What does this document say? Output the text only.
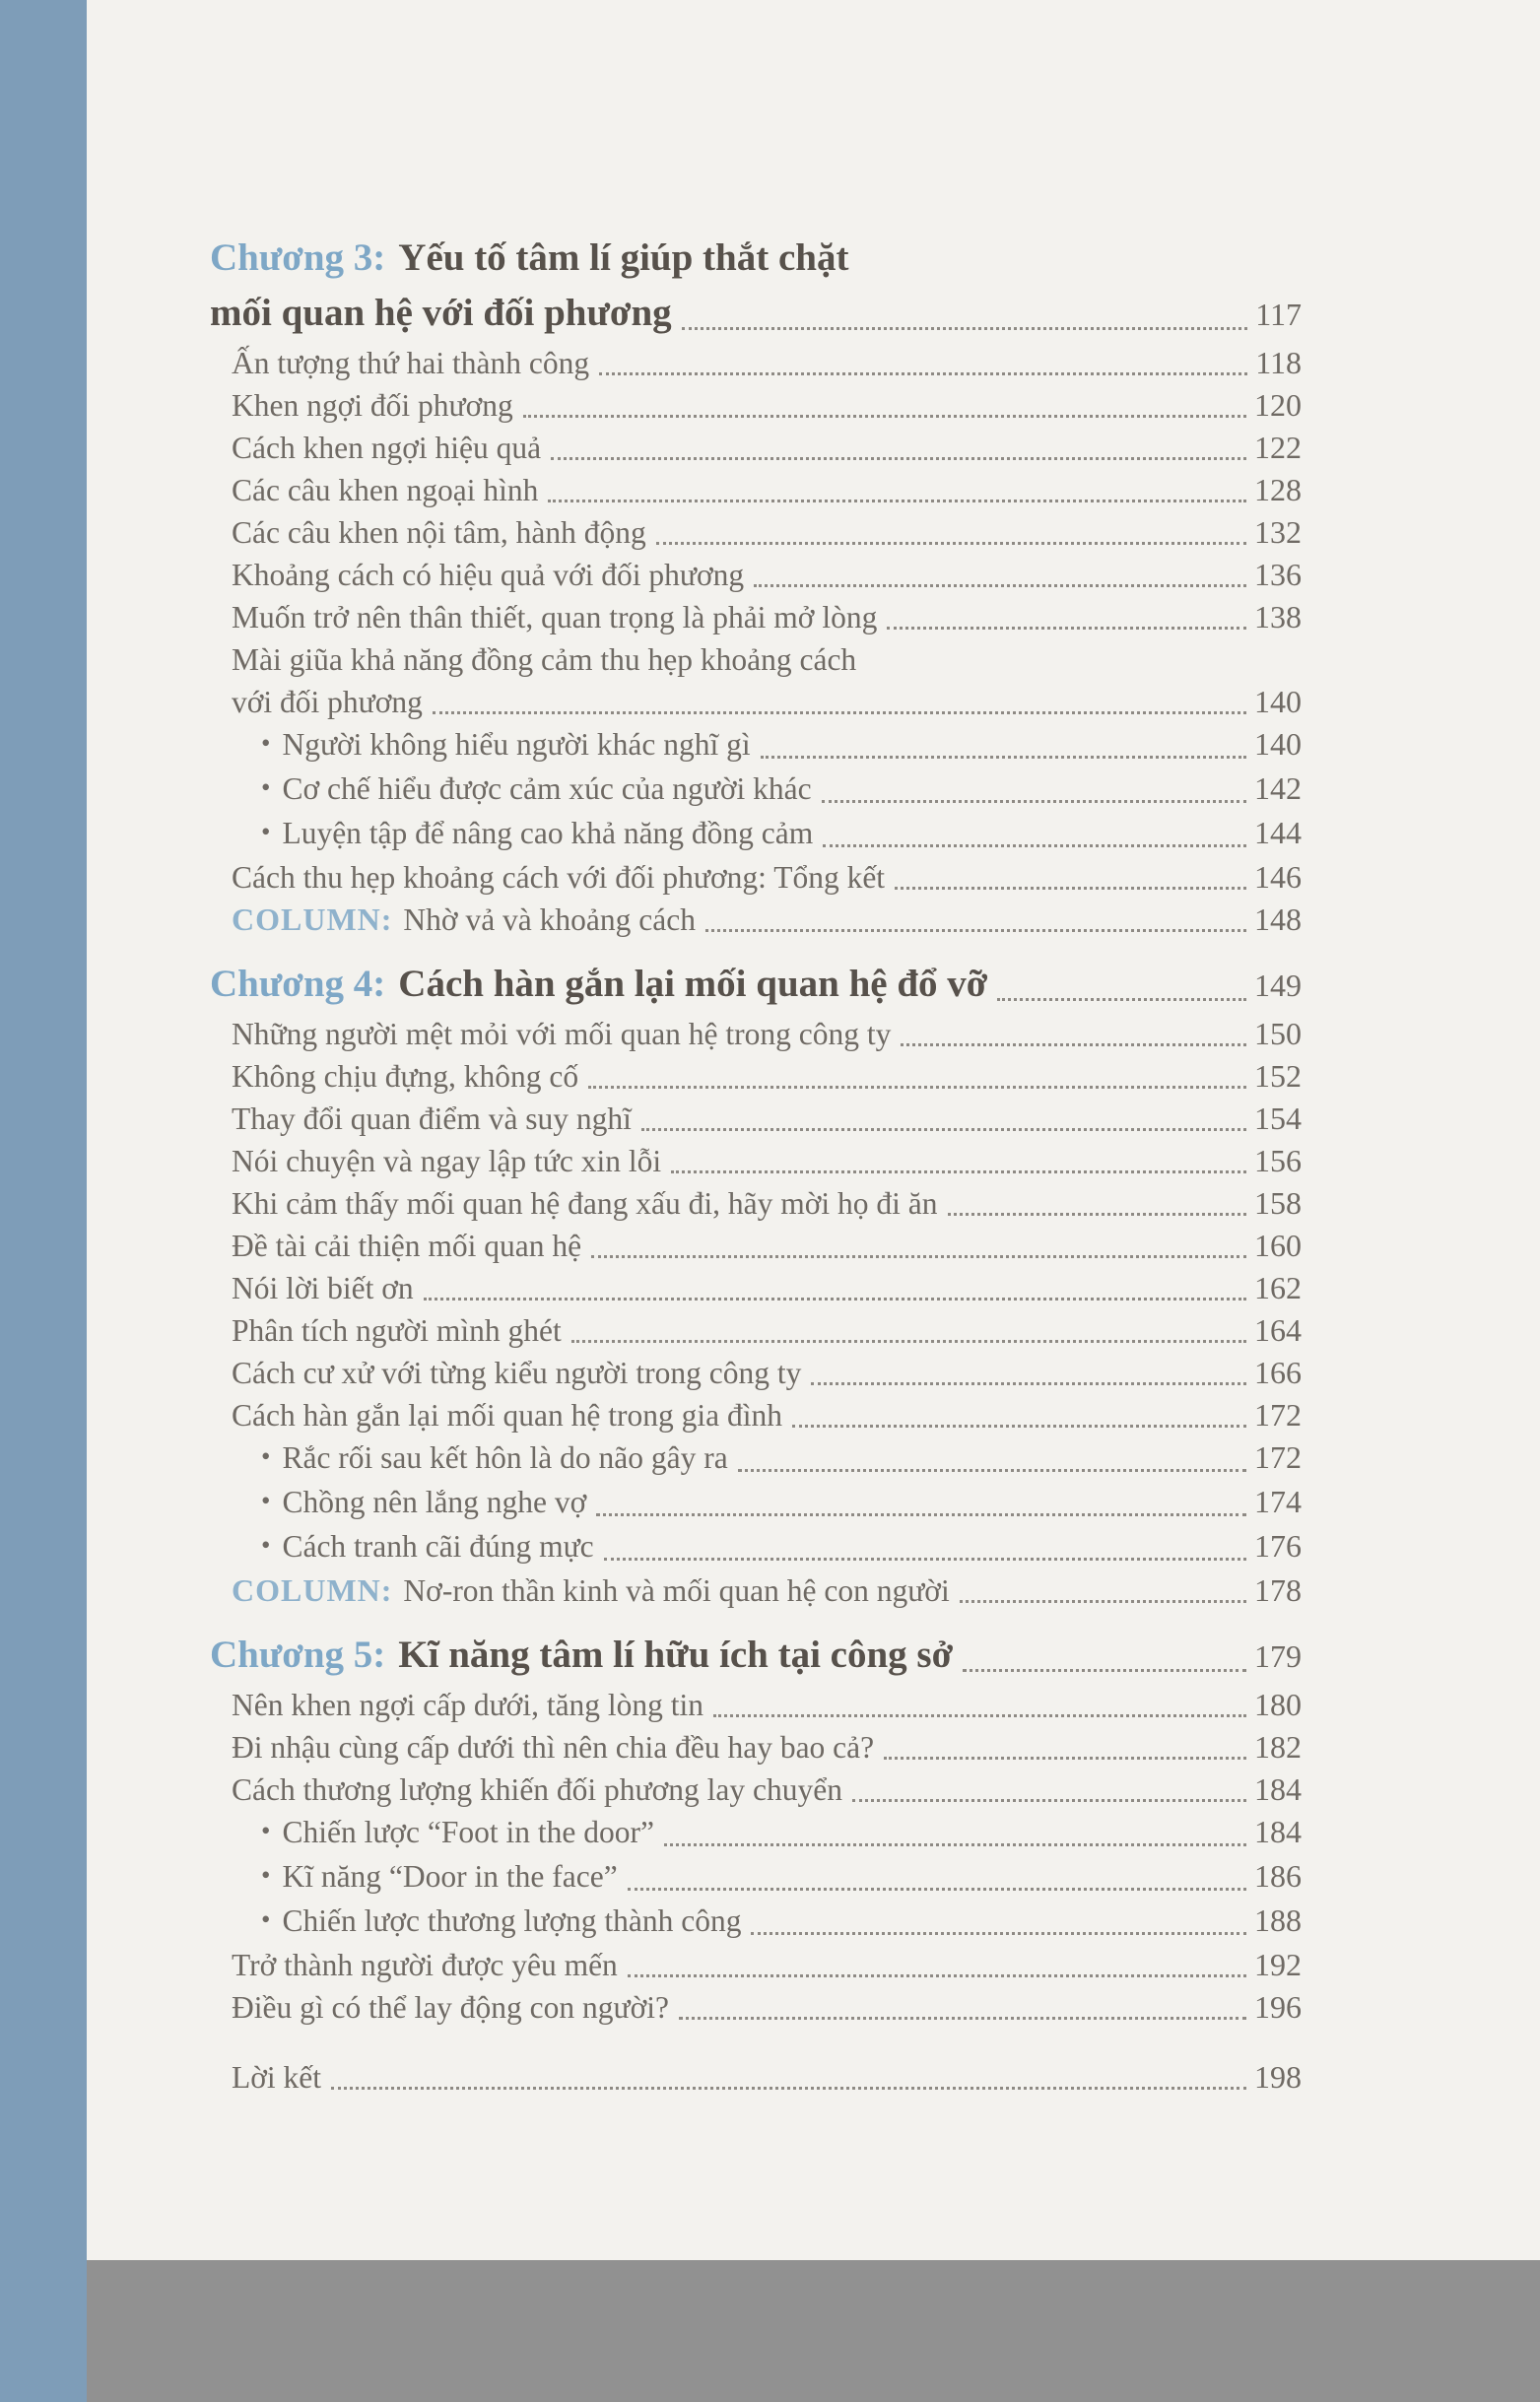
Chương 3: Yếu tố tâm lí giúp thắt chặt
mối quan hệ với đối phương	117
Ấn tượng thứ hai thành công	118
Khen ngợi đối phương	120
Cách khen ngợi hiệu quả	122
Các câu khen ngoại hình	128
Các câu khen nội tâm, hành động	132
Khoảng cách có hiệu quả với đối phương	136
Muốn trở nên thân thiết, quan trọng là phải mở lòng	138
Mài giũa khả năng đồng cảm thu hẹp khoảng cách
với đối phương	140
• Người không hiểu người khác nghĩ gì	140
• Cơ chế hiểu được cảm xúc của người khác	142
• Luyện tập để nâng cao khả năng đồng cảm	144
Cách thu hẹp khoảng cách với đối phương: Tổng kết	146
COLUMN: Nhờ vả và khoảng cách	148
Chương 4: Cách hàn gắn lại mối quan hệ đổ vỡ	149
Những người mệt mỏi với mối quan hệ trong công ty	150
Không chịu đựng, không cố	152
Thay đổi quan điểm và suy nghĩ	154
Nói chuyện và ngay lập tức xin lỗi	156
Khi cảm thấy mối quan hệ đang xấu đi, hãy mời họ đi ăn	158
Đề tài cải thiện mối quan hệ	160
Nói lời biết ơn	162
Phân tích người mình ghét	164
Cách cư xử với từng kiểu người trong công ty	166
Cách hàn gắn lại mối quan hệ trong gia đình	172
• Rắc rối sau kết hôn là do não gây ra	172
• Chồng nên lắng nghe vợ	174
• Cách tranh cãi đúng mực	176
COLUMN: Nơ-ron thần kinh và mối quan hệ con người	178
Chương 5: Kĩ năng tâm lí hữu ích tại công sở	179
Nên khen ngợi cấp dưới, tăng lòng tin	180
Đi nhậu cùng cấp dưới thì nên chia đều hay bao cả?	182
Cách thương lượng khiến đối phương lay chuyển	184
• Chiến lược “Foot in the door”	184
• Kĩ năng “Door in the face”	186
• Chiến lược thương lượng thành công	188
Trở thành người được yêu mến	192
Điều gì có thể lay động con người?	196
Lời kết	198
